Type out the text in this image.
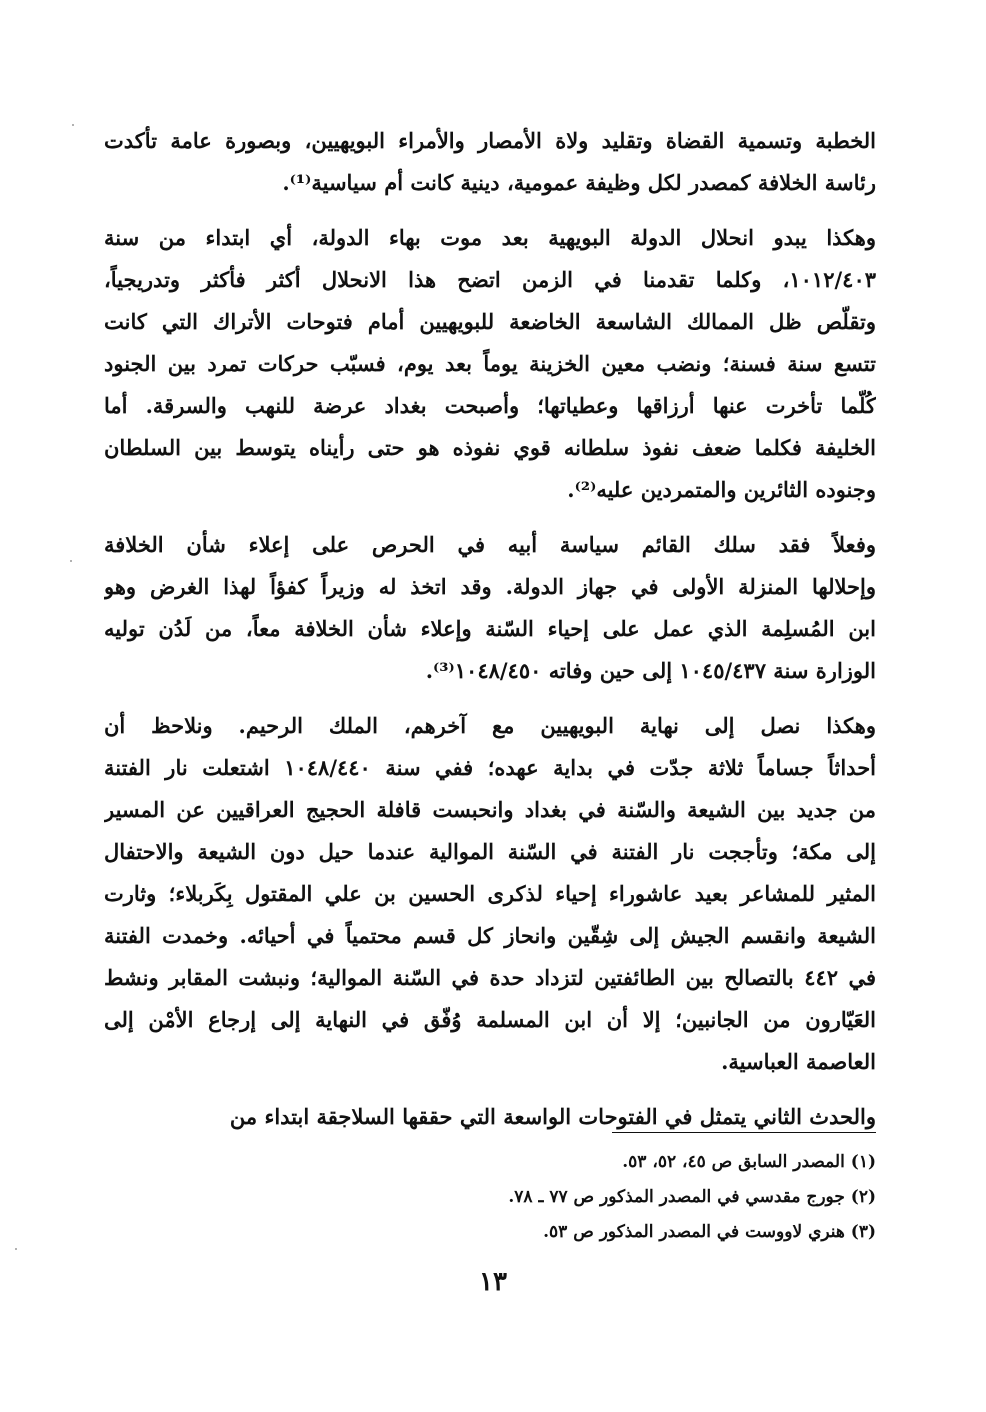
الخطبة وتسمية القضاة وتقليد ولاة الأمصار والأمراء البويهيين، وبصورة عامة تأكدت
رئاسة الخلافة كمصدر لكل وظيفة عمومية، دينية كانت أم سياسية⁽¹⁾.
وهكذا يبدو انحلال الدولة البويهية بعد موت بهاء الدولة، أي ابتداء من سنة
١٠١٢/٤٠٣، وكلما تقدمنا في الزمن اتضح هذا الانحلال أكثر فأكثر وتدريجياً،
وتقلّص ظل الممالك الشاسعة الخاضعة للبويهيين أمام فتوحات الأتراك التي كانت
تتسع سنة فسنة؛ ونضب معين الخزينة يوماً بعد يوم، فسبّب حركات تمرد بين الجنود
كُلّما تأخرت عنها أرزاقها وعطياتها؛ وأصبحت بغداد عرضة للنهب والسرقة. أما
الخليفة فكلما ضعف نفوذ سلطانه قوي نفوذه هو حتى رأيناه يتوسط بين السلطان
وجنوده الثائرين والمتمردين عليه⁽²⁾.
وفعلاً فقد سلك القائم سياسة أبيه في الحرص على إعلاء شأن الخلافة
وإحلالها المنزلة الأولى في جهاز الدولة. وقد اتخذ له وزيراً كفؤاً لهذا الغرض وهو
ابن المُسلِمة الذي عمل على إحياء السّنة وإعلاء شأن الخلافة معاً، من لَدُن توليه
الوزارة سنة ١٠٤٥/٤٣٧ إلى حين وفاته ١٠٤٨/٤٥٠⁽³⁾.
وهكذا نصل إلى نهاية البويهيين مع آخرهم، الملك الرحيم. ونلاحظ أن
أحداثاً جساماً ثلاثة جدّت في بداية عهده؛ ففي سنة ١٠٤٨/٤٤٠ اشتعلت نار الفتنة
من جديد بين الشيعة والسّنة في بغداد وانحبست قافلة الحجيج العراقيين عن المسير
إلى مكة؛ وتأججت نار الفتنة في السّنة الموالية عندما حيل دون الشيعة والاحتفال
المثير للمشاعر بعيد عاشوراء إحياء لذكرى الحسين بن علي المقتول بِكَربلاء؛ وثارت
الشيعة وانقسم الجيش إلى شِقّين وانحاز كل قسم محتمياً في أحيائه. وخمدت الفتنة
في ٤٤٢ بالتصالح بين الطائفتين لتزداد حدة في السّنة الموالية؛ ونبشت المقابر ونشط
العَيّارون من الجانبين؛ إلا أن ابن المسلمة وُفّق في النهاية إلى إرجاع الأمْن إلى
العاصمة العباسية.
والحدث الثاني يتمثل في الفتوحات الواسعة التي حققها السلاجقة ابتداء من
(١) المصدر السابق ص ٤٥، ٥٢، ٥٣.
(٢) جورج مقدسي في المصدر المذكور ص ٧٧ ـ ٧٨.
(٣) هنري لاووست في المصدر المذكور ص ٥٣.
١٣
